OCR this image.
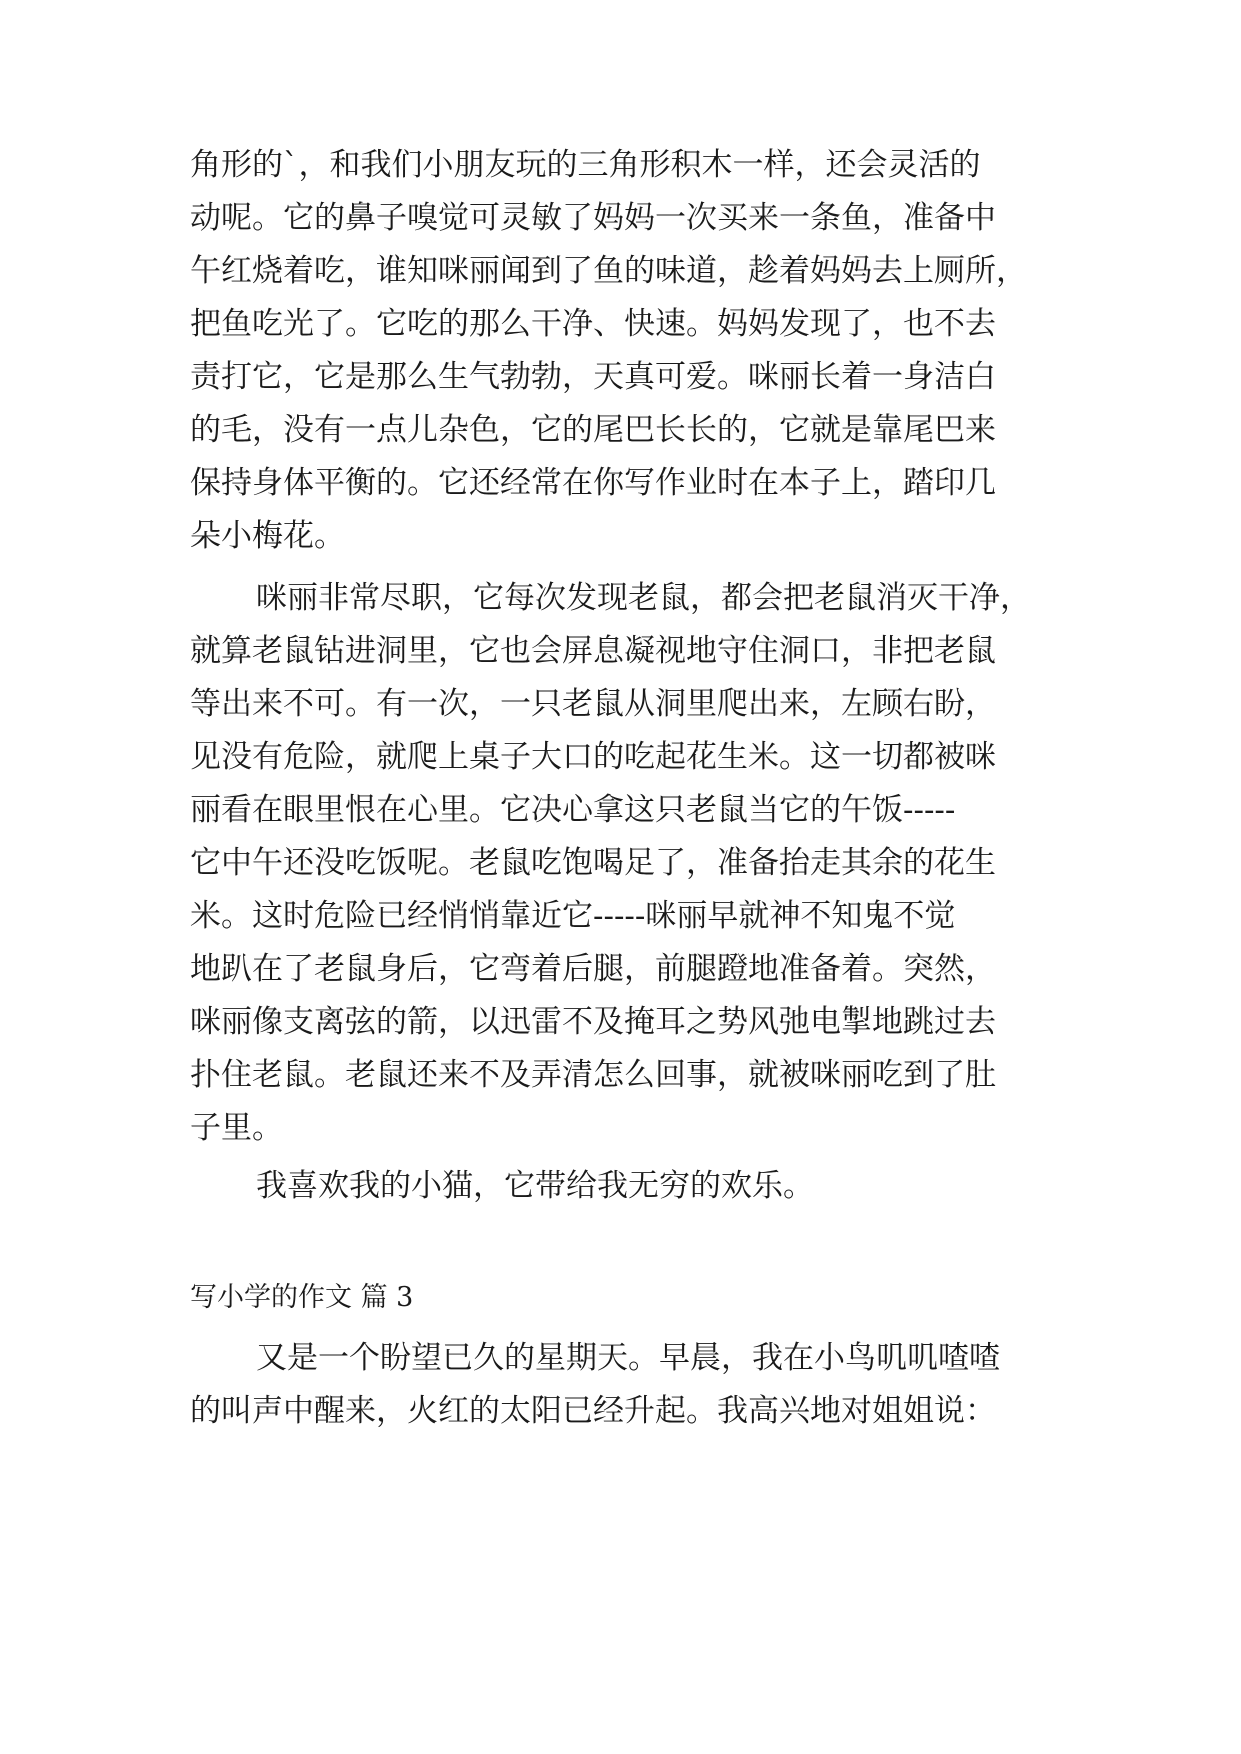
角形的`，和我们小朋友玩的三角形积木一样，还会灵活的
动呢。它的鼻子嗅觉可灵敏了妈妈一次买来一条鱼，准备中
午红烧着吃，谁知咪丽闻到了鱼的味道，趁着妈妈去上厕所，
把鱼吃光了。它吃的那么干净、快速。妈妈发现了，也不去
责打它，它是那么生气勃勃，天真可爱。咪丽长着一身洁白
的毛，没有一点儿杂色，它的尾巴长长的，它就是靠尾巴来
保持身体平衡的。它还经常在你写作业时在本子上，踏印几
朵小梅花。
咪丽非常尽职，它每次发现老鼠，都会把老鼠消灭干净，
就算老鼠钻进洞里，它也会屏息凝视地守住洞口，非把老鼠
等出来不可。有一次，一只老鼠从洞里爬出来，左顾右盼，
见没有危险，就爬上桌子大口的吃起花生米。这一切都被咪
丽看在眼里恨在心里。它决心拿这只老鼠当它的午饭-----
它中午还没吃饭呢。老鼠吃饱喝足了，准备抬走其余的花生
米。这时危险已经悄悄靠近它-----咪丽早就神不知鬼不觉
地趴在了老鼠身后，它弯着后腿，前腿蹬地准备着。突然，
咪丽像支离弦的箭，以迅雷不及掩耳之势风弛电掣地跳过去
扑住老鼠。老鼠还来不及弄清怎么回事，就被咪丽吃到了肚
子里。
我喜欢我的小猫，它带给我无穷的欢乐。
写小学的作文 篇 3
又是一个盼望已久的星期天。早晨，我在小鸟叽叽喳喳
的叫声中醒来，火红的太阳已经升起。我高兴地对姐姐说：
